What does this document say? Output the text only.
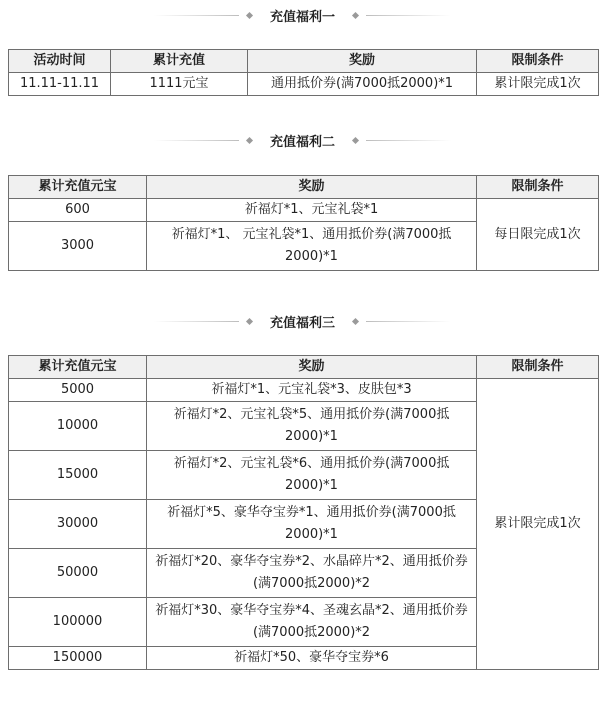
充值福利一
活动时间	累计充值	奖励	限制条件
11.11-11.11	1111元宝	通用抵价券(满7000抵2000)*1	累计限完成1次
充值福利二
累计充值元宝	奖励	限制条件
600	祈福灯*1、元宝礼袋*1	每日限完成1次
3000	祈福灯*1、 元宝礼袋*1、通用抵价券(满7000抵2000)*1	
充值福利三
累计充值元宝	奖励	限制条件
5000	祈福灯*1、元宝礼袋*3、皮肤包*3	累计限完成1次
10000	祈福灯*2、元宝礼袋*5、通用抵价券(满7000抵2000)*1	
15000	祈福灯*2、元宝礼袋*6、通用抵价券(满7000抵2000)*1	
30000	祈福灯*5、豪华夺宝券*1、通用抵价券(满7000抵2000)*1	
50000	祈福灯*20、豪华夺宝券*2、水晶碎片*2、通用抵价券(满7000抵2000)*2	
100000	祈福灯*30、豪华夺宝券*4、圣魂玄晶*2、通用抵价券(满7000抵2000)*2	
150000	祈福灯*50、豪华夺宝券*6	
